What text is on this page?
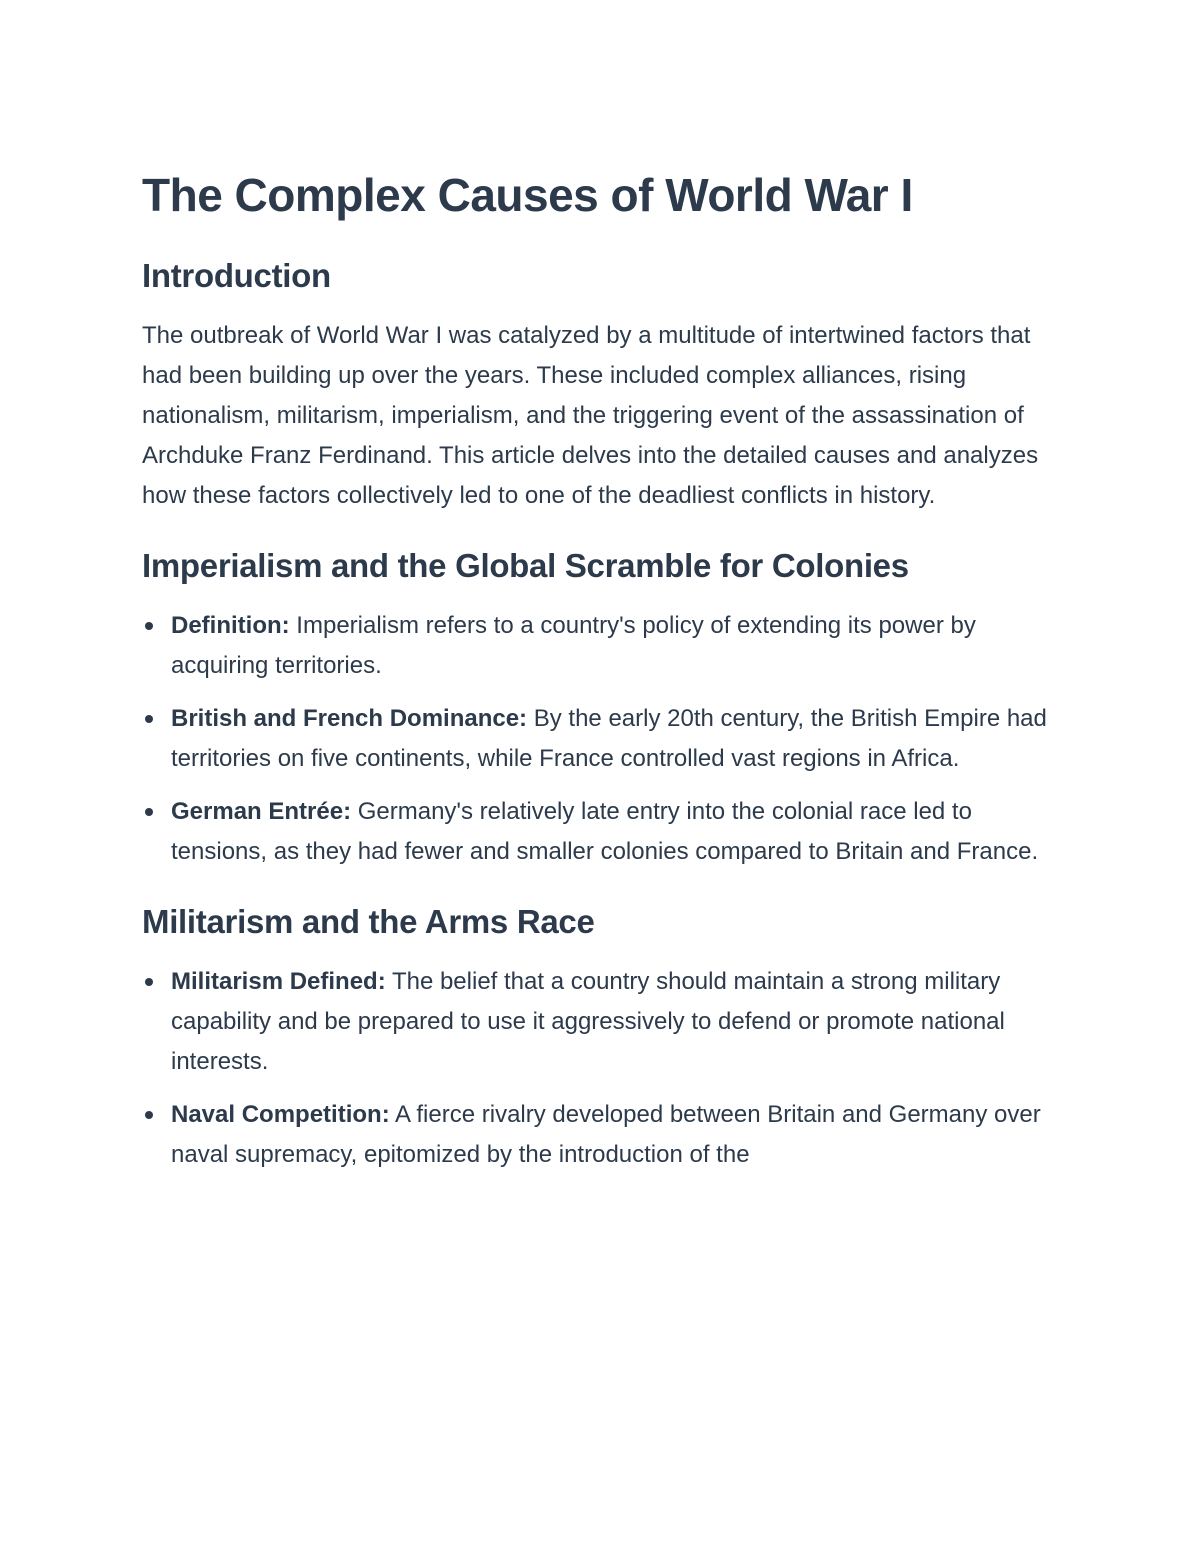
The Complex Causes of World War I
Introduction

The outbreak of World War I was catalyzed by a multitude of intertwined factors that had been building up over the years. These included complex alliances, rising nationalism, militarism, imperialism, and the triggering event of the assassination of Archduke Franz Ferdinand. This article delves into the detailed causes and analyzes how these factors collectively led to one of the deadliest conflicts in history.

Imperialism and the Global Scramble for Colonies
Definition: Imperialism refers to a country's policy of extending its power by acquiring territories.
British and French Dominance: By the early 20th century, the British Empire had territories on five continents, while France controlled vast regions in Africa.
German Entrée: Germany's relatively late entry into the colonial race led to tensions, as they had fewer and smaller colonies compared to Britain and France.
Militarism and the Arms Race
Militarism Defined: The belief that a country should maintain a strong military capability and be prepared to use it aggressively to defend or promote national interests.
Naval Competition: A fierce rivalry developed between Britain and Germany over naval supremacy, epitomized by the introduction of the
